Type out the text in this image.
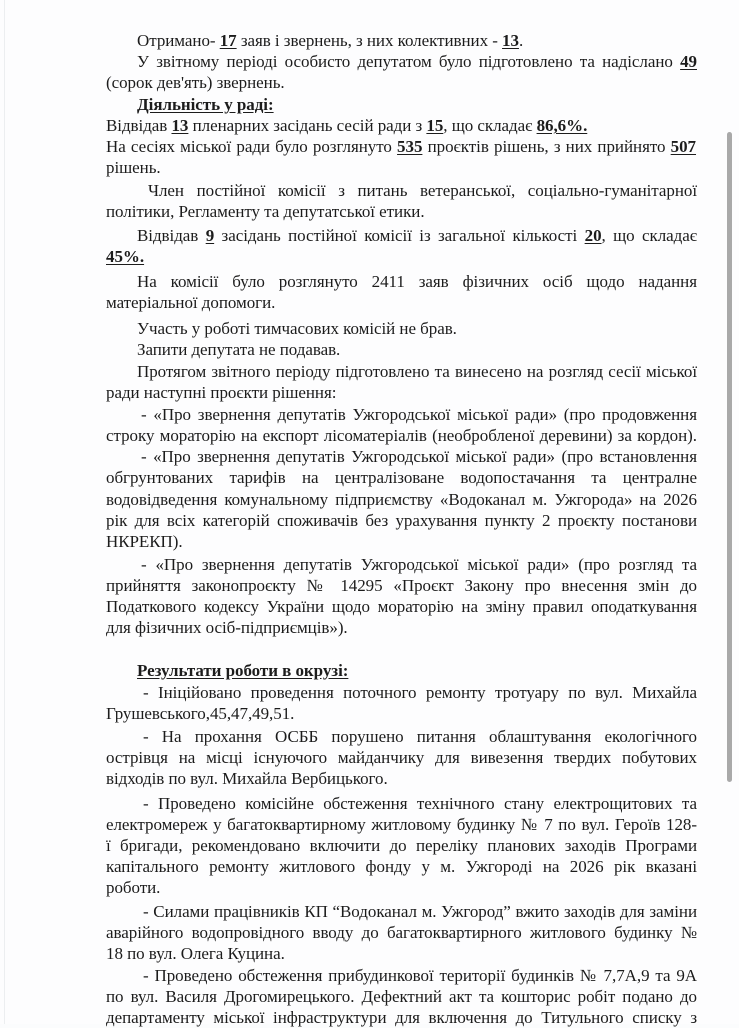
Отримано- 17 заяв і звернень, з них колективних - 13.
У звітному періоді особисто депутатом було підготовлено та надіслано 49
(сорок дев'ять) звернень.
Діяльність у раді:
Відвідав 13 пленарних засідань сесій ради з 15, що складає 86,6%.
На сесіях міської ради було розглянуто 535 проєктів рішень, з них прийнято 507
рішень.
Член постійної комісії з питань ветеранської, соціально-гуманітарної
політики, Регламенту та депутатської етики.
Відвідав 9 засідань постійної комісії із загальної кількості 20, що складає
45%.
На комісії було розглянуто 2411 заяв фізичних осіб щодо надання
матеріальної допомоги.
Участь у роботі тимчасових комісій не брав.
Запити депутата не подавав.
Протягом звітного періоду підготовлено та винесено на розгляд сесії міської
ради наступні проєкти рішення:
- «Про звернення депутатів Ужгородської міської ради» (про продовження
строку мораторію на експорт лісоматеріалів (необробленої деревини) за кордон).
- «Про звернення депутатів Ужгородської міської ради» (про встановлення
обгрунтованих тарифів на централізоване водопостачання та централне
водовідведення комунальному підприємству «Водоканал м. Ужгорода» на 2026
рік для всіх категорій споживачів без урахування пункту 2 проєкту постанови
НКРЕКП).
- «Про звернення депутатів Ужгородської міської ради» (про розгляд та
прийняття законопроєкту № 14295 «Проєкт Закону про внесення змін до
Податкового кодексу України щодо мораторію на зміну правил оподаткування
для фізичних осіб-підприємців»).
Результати роботи в окрузі:
- Ініційовано проведення поточного ремонту тротуару по вул. Михайла
Грушевського,45,47,49,51.
- На прохання ОСББ порушено питання облаштування екологічного
острівця на місці існуючого майданчику для вивезення твердих побутових
відходів по вул. Михайла Вербицького.
- Проведено комісійне обстеження технічного стану електрощитових та
електромереж у багатоквартирному житловому будинку № 7 по вул. Героїв 128-
ї бригади, рекомендовано включити до переліку планових заходів Програми
капітального ремонту житлового фонду у м. Ужгороді на 2026 рік вказані
роботи.
- Силами працівників КП “Водоканал м. Ужгород” вжито заходів для заміни
аварійного водопровідного вводу до багатоквартирного житлового будинку №
18 по вул. Олега Куцина.
- Проведено обстеження прибудинкової території будинків № 7,7А,9 та 9А
по вул. Василя Дрогомирецького. Дефектний акт та кошторис робіт подано до
департаменту міської інфраструктури для включення до Титульного списку з
